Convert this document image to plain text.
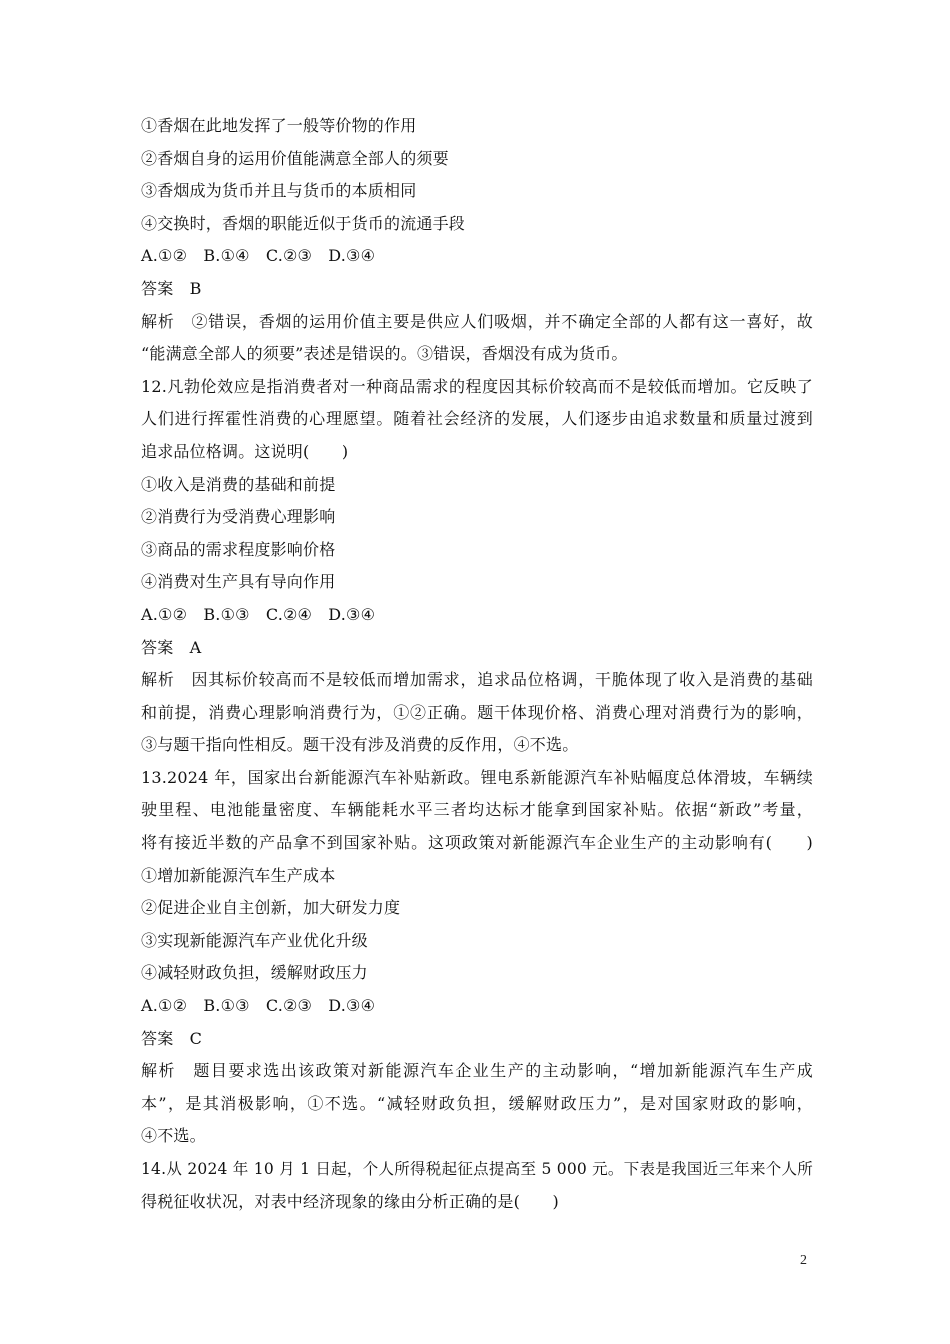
①香烟在此地发挥了一般等价物的作用
②香烟自身的运用价值能满意全部人的须要
③香烟成为货币并且与货币的本质相同
④交换时，香烟的职能近似于货币的流通手段
A.①②　B.①④　C.②③　D.③④
答案　B
解析　②错误，香烟的运用价值主要是供应人们吸烟，并不确定全部的人都有这一喜好，故
“能满意全部人的须要”表述是错误的。③错误，香烟没有成为货币。
12.凡勃伦效应是指消费者对一种商品需求的程度因其标价较高而不是较低而增加。它反映了
人们进行挥霍性消费的心理愿望。随着社会经济的发展，人们逐步由追求数量和质量过渡到
追求品位格调。这说明(　　)
①收入是消费的基础和前提
②消费行为受消费心理影响
③商品的需求程度影响价格
④消费对生产具有导向作用
A.①②　B.①③　C.②④　D.③④
答案　A
解析　因其标价较高而不是较低而增加需求，追求品位格调，干脆体现了收入是消费的基础
和前提，消费心理影响消费行为，①②正确。题干体现价格、消费心理对消费行为的影响，
③与题干指向性相反。题干没有涉及消费的反作用，④不选。
13.2024 年，国家出台新能源汽车补贴新政。锂电系新能源汽车补贴幅度总体滑坡，车辆续
驶里程、电池能量密度、车辆能耗水平三者均达标才能拿到国家补贴。依据“新政”考量，
将有接近半数的产品拿不到国家补贴。这项政策对新能源汽车企业生产的主动影响有(　　)
①增加新能源汽车生产成本
②促进企业自主创新，加大研发力度
③实现新能源汽车产业优化升级
④减轻财政负担，缓解财政压力
A.①②　B.①③　C.②③　D.③④
答案　C
解析　题目要求选出该政策对新能源汽车企业生产的主动影响，“增加新能源汽车生产成
本”，是其消极影响，①不选。“减轻财政负担，缓解财政压力”，是对国家财政的影响，
④不选。
14.从 2024 年 10 月 1 日起，个人所得税起征点提高至 5 000 元。下表是我国近三年来个人所
得税征收状况，对表中经济现象的缘由分析正确的是(　　)
2
